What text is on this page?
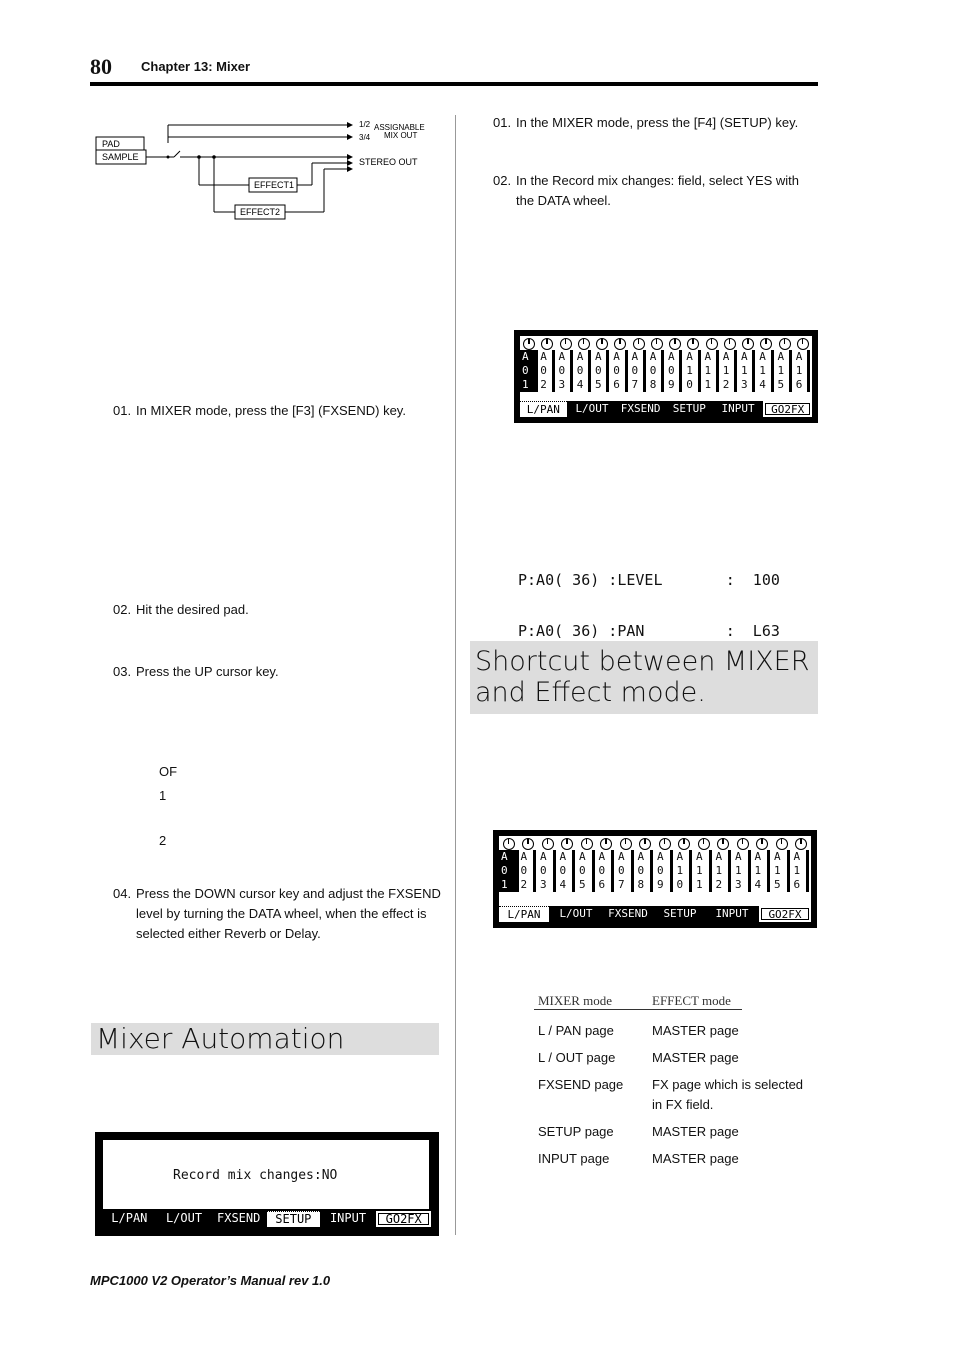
80 Chapter 13: Mixer
PAD
SAMPLE
EFFECT1
EFFECT2
1/2
3/4
ASSIGNABLE
MIX OUT
STEREO OUT
01. In MIXER mode, press the [F3] (FXSEND) key.
02. Hit the desired pad.
03. Press the UP cursor key.
OF
1
2
04. Press the DOWN cursor key and adjust the FXSEND
level by turning the DATA wheel, when the effect is
selected either Reverb or Delay.
Mixer Automation
Record mix changes:NO
L/PAN	L/OUT	FXSEND	SETUP	INPUT	GO2FX
01. In the MIXER mode, press the [F4] (SETUP) key.
02. In the Record mix changes: field, select YES with
the DATA wheel.
A
0
1
A
0
2
A
0
3
A
0
4
A
0
5
A
0
6
A
0
7
A
0
8
A
0
9
A
1
0
A
1
1
A
1
2
A
1
3
A
1
4
A
1
5
A
1
6
L/PAN	L/OUT	FXSEND	SETUP	INPUT	GO2FX

P:A0( 36) :LEVEL       :  100

P:A0( 36) :PAN         :  L63

Shortcut between MIXER
and Effect mode.
A
0
1
A
0
2
A
0
3
A
0
4
A
0
5
A
0
6
A
0
7
A
0
8
A
0
9
A
1
0
A
1
1
A
1
2
A
1
3
A
1
4
A
1
5
A
1
6
L/PAN	L/OUT	FXSEND	SETUP	INPUT	GO2FX
MIXER mode	EFFECT mode
L / PAN page	MASTER page
L / OUT page	MASTER page
FXSEND page	FX page which is selected
in FX field.
SETUP page	MASTER page
INPUT page	MASTER page
MPC1000 V2 Operator’s Manual rev 1.0
